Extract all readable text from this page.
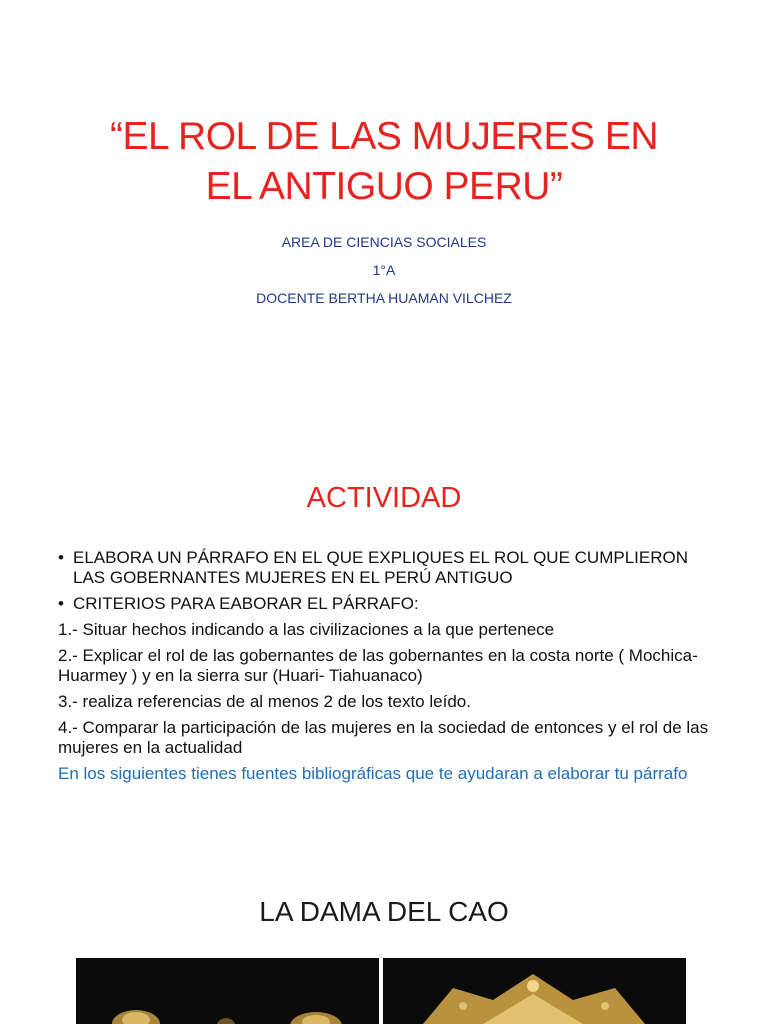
“EL ROL DE LAS MUJERES EN
EL ANTIGUO PERU”
AREA DE CIENCIAS SOCIALES
1°A
DOCENTE BERTHA HUAMAN VILCHEZ
ACTIVIDAD
• ELABORA UN PÁRRAFO EN EL QUE EXPLIQUES EL ROL QUE CUMPLIERON LAS GOBERNANTES MUJERES EN EL PERÚ ANTIGUO
• CRITERIOS PARA EABORAR EL PÁRRAFO:
1.- Situar hechos indicando a las civilizaciones a la que pertenece
2.- Explicar el rol de las gobernantes de las gobernantes en la costa norte ( Mochica-Huarmey ) y en la sierra sur (Huari- Tiahuanaco)
3.- realiza referencias de al menos 2 de los texto leído.
4.- Comparar la participación de las mujeres en la sociedad de entonces y el rol de las mujeres en la actualidad
En los siguientes tienes fuentes bibliográficas que te ayudaran a elaborar tu párrafo
LA DAMA DEL CAO
